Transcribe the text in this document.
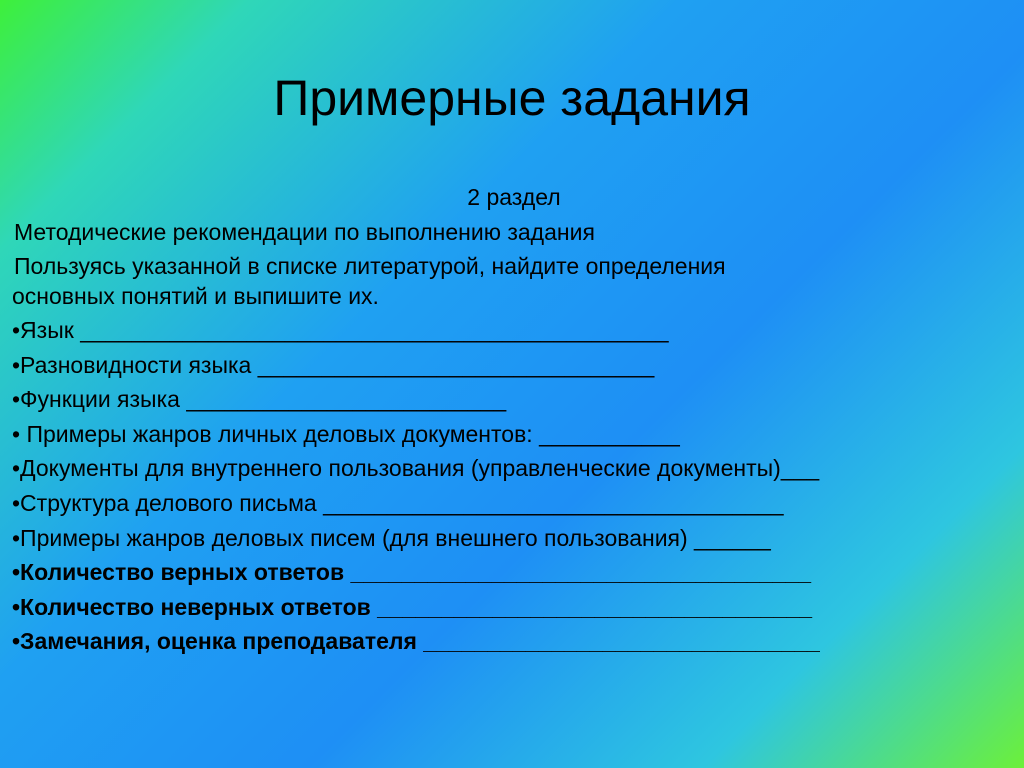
Примерные задания
2 раздел
Методические рекомендации по выполнению задания
Пользуясь указанной в списке литературой, найдите определения
основных понятий и выпишите их.
•Язык ______________________________________________
•Разновидности языка _______________________________
•Функции языка _________________________
• Примеры жанров личных деловых документов: ___________
•Документы для внутреннего пользования (управленческие документы)___
•Структура делового письма ____________________________________
•Примеры жанров деловых писем (для внешнего пользования) ______
•Количество верных ответов ____________________________________
•Количество неверных ответов __________________________________
•Замечания, оценка преподавателя _______________________________
